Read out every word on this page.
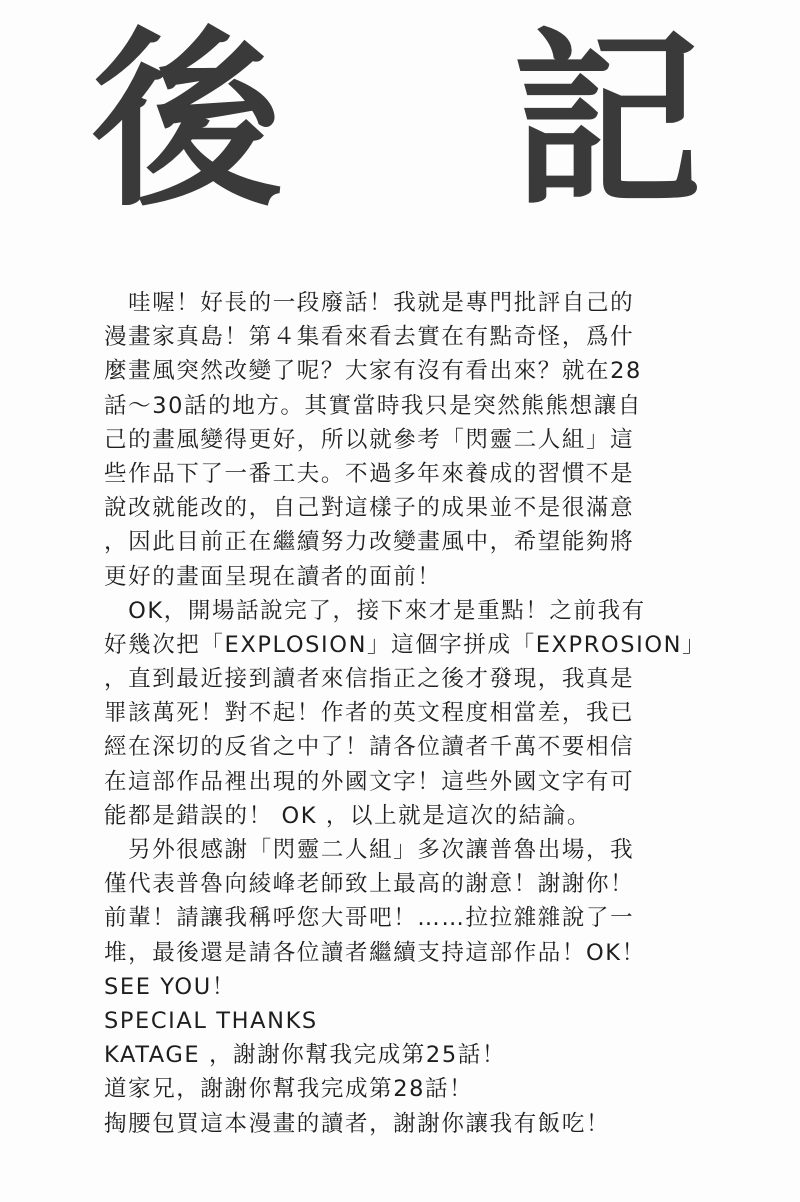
後 記
　哇喔！好長的一段廢話！我就是專門批評自己的
漫畫家真島！第４集看來看去實在有點奇怪，爲什
麼畫風突然改變了呢？大家有沒有看出來？就在28
話～30話的地方。其實當時我只是突然熊熊想讓自
己的畫風變得更好，所以就參考「閃靈二人組」這
些作品下了一番工夫。不過多年來養成的習慣不是
說改就能改的，自己對這樣子的成果並不是很滿意
，因此目前正在繼續努力改變畫風中，希望能夠將
更好的畫面呈現在讀者的面前！
　OK，開場話說完了，接下來才是重點！之前我有
好幾次把「EXPLOSION」這個字拼成「EXPROSION」
，直到最近接到讀者來信指正之後才發現，我真是
罪該萬死！對不起！作者的英文程度相當差，我已
經在深切的反省之中了！請各位讀者千萬不要相信
在這部作品裡出現的外國文字！這些外國文字有可
能都是錯誤的！ OK ，以上就是這次的結論。
　另外很感謝「閃靈二人組」多次讓普魯出場，我
僅代表普魯向綾峰老師致上最高的謝意！謝謝你！
前輩！請讓我稱呼您大哥吧！……拉拉雜雜說了一
堆，最後還是請各位讀者繼續支持這部作品！OK！
SEE YOU！
SPECIAL THANKS
KATAGE ，謝謝你幫我完成第25話！
道家兄，謝謝你幫我完成第28話！
掏腰包買這本漫畫的讀者，謝謝你讓我有飯吃！
